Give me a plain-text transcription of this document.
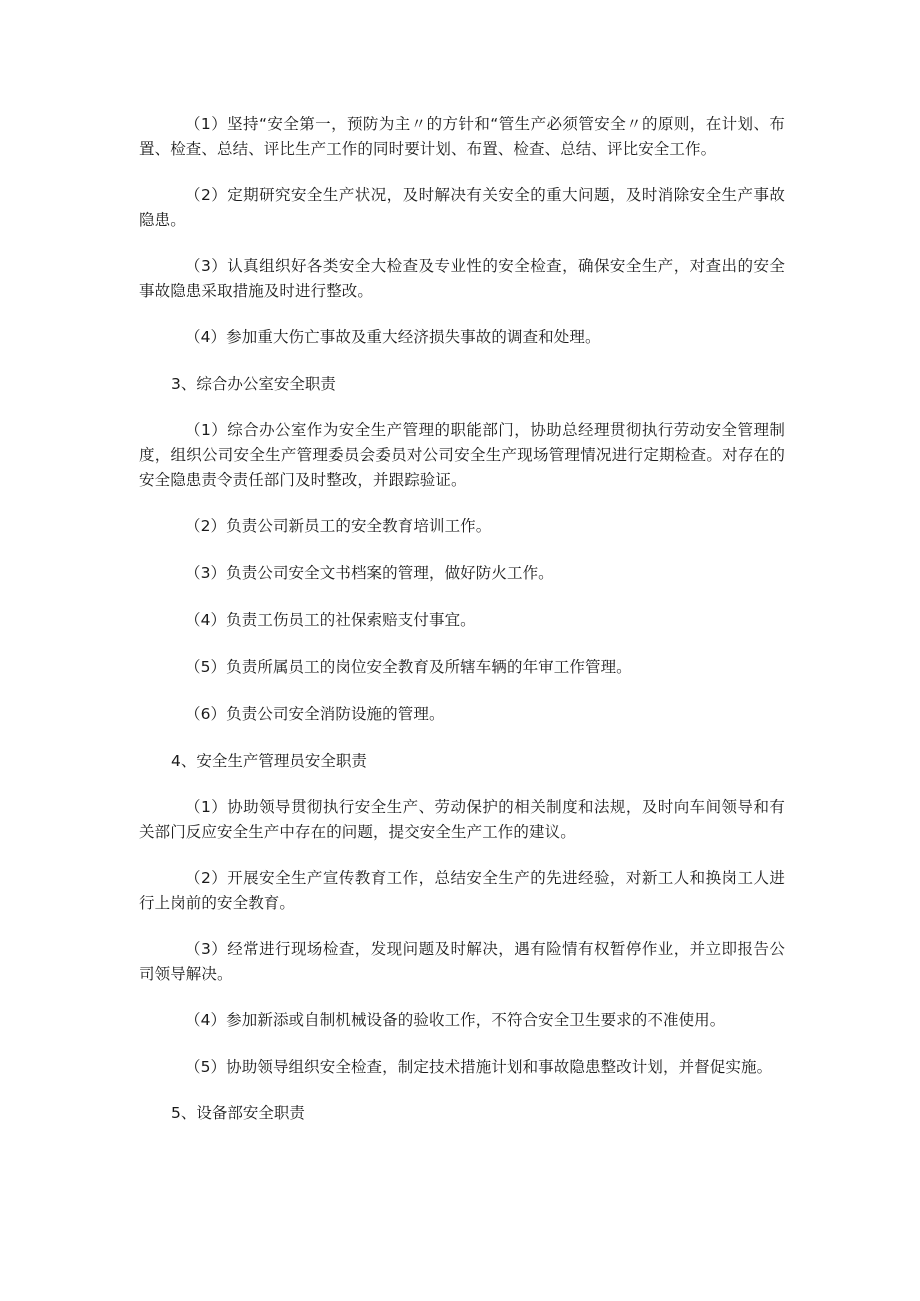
（1）坚持“安全第一，预防为主〃的方针和“管生产必须管安全〃的原则，在计划、布置、检查、总结、评比生产工作的同时要计划、布置、检查、总结、评比安全工作。

（2）定期研究安全生产状况，及时解决有关安全的重大问题，及时消除安全生产事故隐患。

（3）认真组织好各类安全大检查及专业性的安全检查，确保安全生产，对查出的安全事故隐患采取措施及时进行整改。

（4）参加重大伤亡事故及重大经济损失事故的调查和处理。

3、综合办公室安全职责

（1）综合办公室作为安全生产管理的职能部门，协助总经理贯彻执行劳动安全管理制度，组织公司安全生产管理委员会委员对公司安全生产现场管理情况进行定期检查。对存在的安全隐患责令责任部门及时整改，并跟踪验证。

（2）负责公司新员工的安全教育培训工作。

（3）负责公司安全文书档案的管理，做好防火工作。

（4）负责工伤员工的社保索赔支付事宜。

（5）负责所属员工的岗位安全教育及所辖车辆的年审工作管理。

（6）负责公司安全消防设施的管理。

4、安全生产管理员安全职责

（1）协助领导贯彻执行安全生产、劳动保护的相关制度和法规，及时向车间领导和有关部门反应安全生产中存在的问题，提交安全生产工作的建议。

（2）开展安全生产宣传教育工作，总结安全生产的先进经验，对新工人和换岗工人进行上岗前的安全教育。

（3）经常进行现场检查，发现问题及时解决，遇有险情有权暂停作业，并立即报告公司领导解决。

（4）参加新添或自制机械设备的验收工作，不符合安全卫生要求的不准使用。

（5）协助领导组织安全检查，制定技术措施计划和事故隐患整改计划，并督促实施。

5、设备部安全职责
